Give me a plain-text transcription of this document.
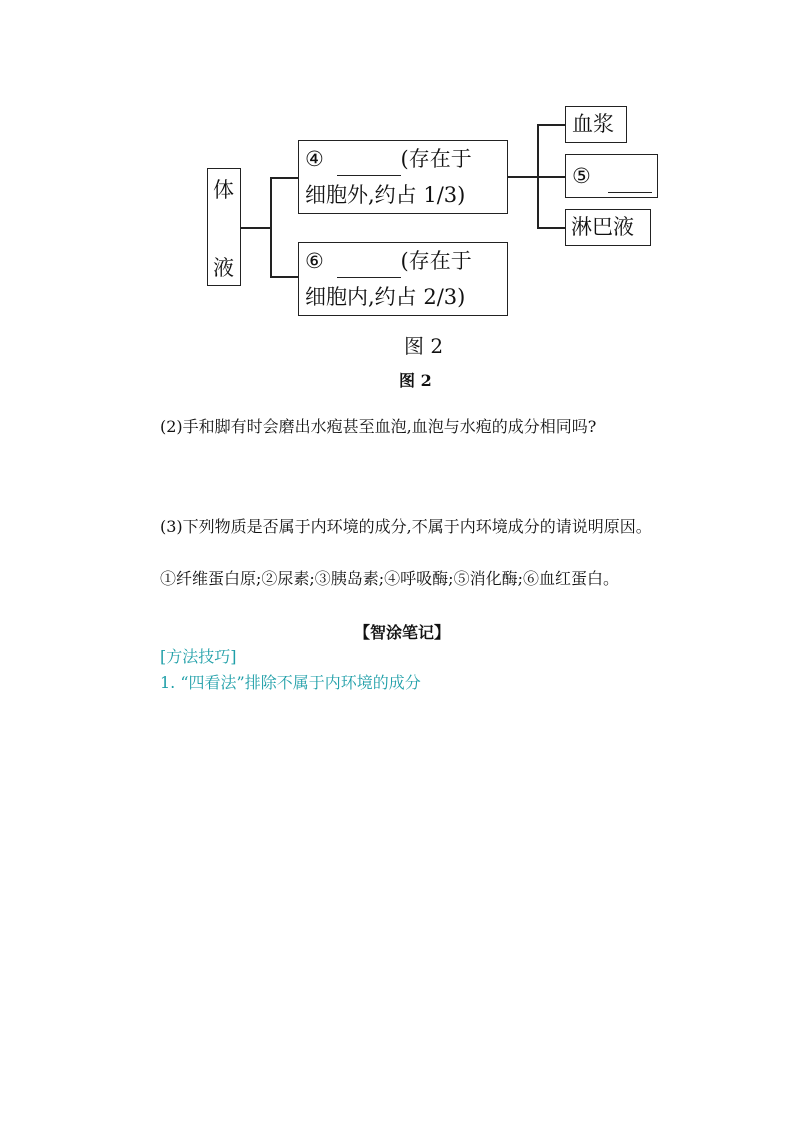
体
液
④	(存在于
细胞外,约占 1/3)
⑥	(存在于
细胞内,约占 2/3)
血浆
⑤
淋巴液
图 2
图 2
(2)手和脚有时会磨出水疱甚至血泡,血泡与水疱的成分相同吗?
(3)下列物质是否属于内环境的成分,不属于内环境成分的请说明原因。
①纤维蛋白原;②尿素;③胰岛素;④呼吸酶;⑤消化酶;⑥血红蛋白。
【智涂笔记】
[方法技巧]
1. “四看法”排除不属于内环境的成分
